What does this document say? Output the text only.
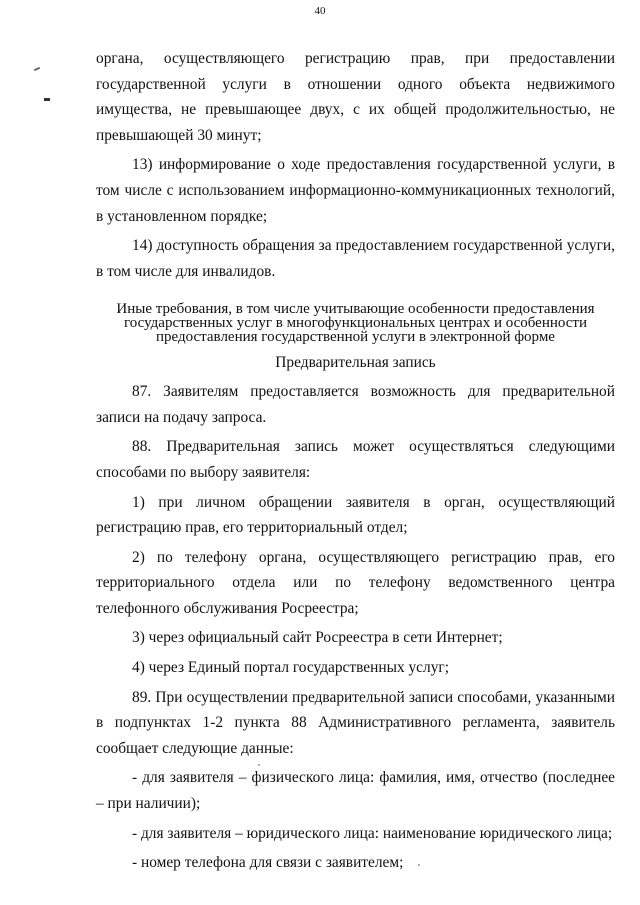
40

органа, осуществляющего регистрацию прав, при предоставлении государственной услуги в отношении одного объекта недвижимого имущества, не превышающее двух, с их общей продолжительностью, не превышающей 30 минут;

13) информирование о ходе предоставления государственной услуги, в том числе с использованием информационно-коммуникационных технологий, в установленном порядке;

14) доступность обращения за предоставлением государственной услуги, в том числе для инвалидов.

Иные требования, в том числе учитывающие особенности предоставления государственных услуг в многофункциональных центрах и особенности предоставления государственной услуги в электронной форме

Предварительная запись

87. Заявителям предоставляется возможность для предварительной записи на подачу запроса.

88. Предварительная запись может осуществляться следующими способами по выбору заявителя:

1) при личном обращении заявителя в орган, осуществляющий регистрацию прав, его территориальный отдел;

2) по телефону органа, осуществляющего регистрацию прав, его территориального отдела или по телефону ведомственного центра телефонного обслуживания Росреестра;

3) через официальный сайт Росреестра в сети Интернет;

4) через Единый портал государственных услуг;

89. При осуществлении предварительной записи способами, указанными в подпунктах 1-2 пункта 88 Административного регламента, заявитель сообщает следующие данные:

- для заявителя – физического лица: фамилия, имя, отчество (последнее – при наличии);

- для заявителя – юридического лица: наименование юридического лица;

- номер телефона для связи с заявителем;
